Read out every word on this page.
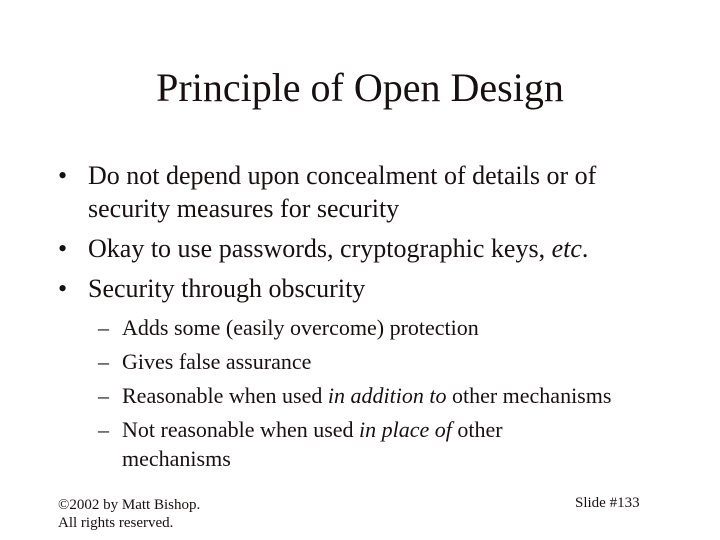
Principle of Open Design
• Do not depend upon concealment of details or of
security measures for security
• Okay to use passwords, cryptographic keys, etc.
• Security through obscurity
– Adds some (easily overcome) protection
– Gives false assurance
– Reasonable when used in addition to other mechanisms
– Not reasonable when used in place of other
mechanisms
©2002 by Matt Bishop.
All rights reserved.
Slide #133
